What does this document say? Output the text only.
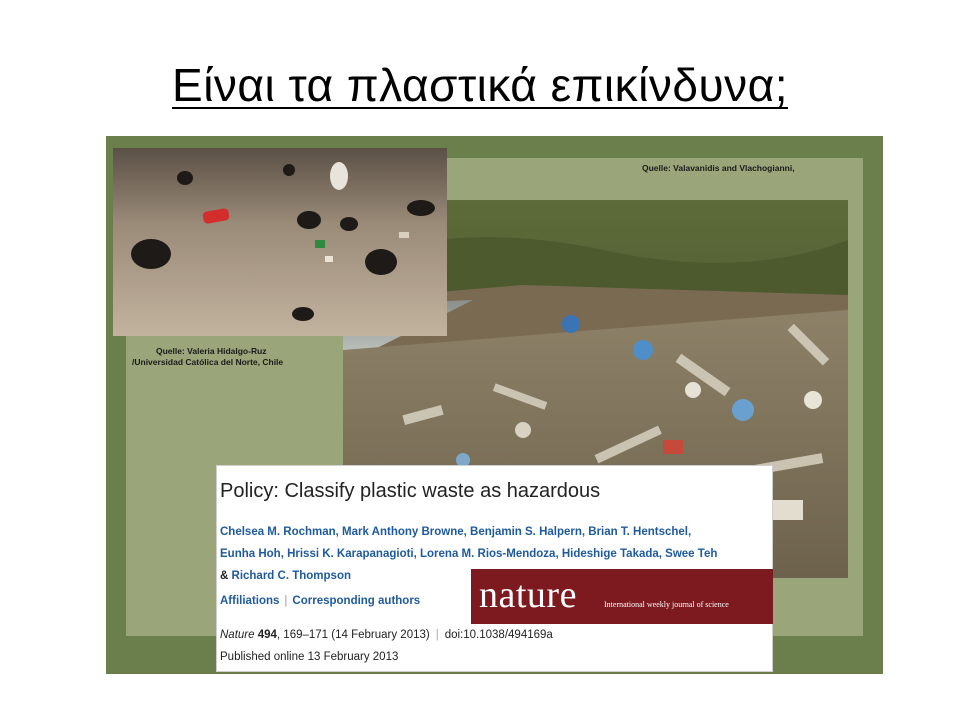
Είναι τα πλαστικά επικίνδυνα;
Quelle: Valavanidis and Vlachogianni,
Quelle: Valeria Hidalgo-Ruz
/Universidad Católica del Norte, Chile
Policy: Classify plastic waste as hazardous
Chelsea M. Rochman, Mark Anthony Browne, Benjamin S. Halpern, Brian T. Hentschel,
Eunha Hoh, Hrissi K. Karapanagioti, Lorena M. Rios-Mendoza, Hideshige Takada, Swee Teh
& Richard C. Thompson
Affiliations | Corresponding authors
Nature 494, 169–171 (14 February 2013) | doi:10.1038/494169a
Published online 13 February 2013
nature	International weekly journal of science
